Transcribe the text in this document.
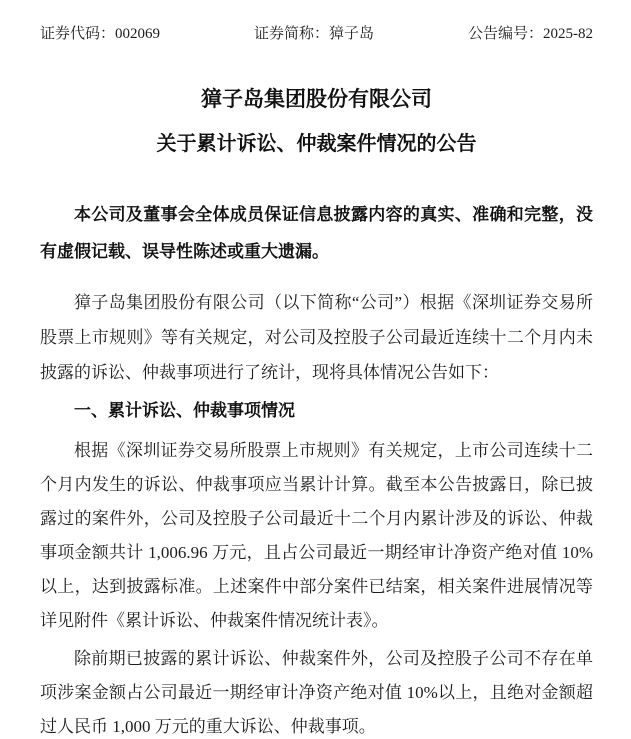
证券代码：002069	证券简称：獐子岛	公告编号：2025-82
獐子岛集团股份有限公司
关于累计诉讼、仲裁案件情况的公告

本公司及董事会全体成员保证信息披露内容的真实、准确和完整，没有虚假记载、误导性陈述或重大遗漏。

獐子岛集团股份有限公司（以下简称“公司”）根据《深圳证券交易所股票上市规则》等有关规定，对公司及控股子公司最近连续十二个月内未披露的诉讼、仲裁事项进行了统计，现将具体情况公告如下：

一、累计诉讼、仲裁事项情况

根据《深圳证券交易所股票上市规则》有关规定，上市公司连续十二个月内发生的诉讼、仲裁事项应当累计计算。截至本公告披露日，除已披露过的案件外，公司及控股子公司最近十二个月内累计涉及的诉讼、仲裁事项金额共计 1,006.96 万元，且占公司最近一期经审计净资产绝对值 10%以上，达到披露标准。上述案件中部分案件已结案，相关案件进展情况等详见附件《累计诉讼、仲裁案件情况统计表》。

除前期已披露的累计诉讼、仲裁案件外，公司及控股子公司不存在单项涉案金额占公司最近一期经审计净资产绝对值 10%以上，且绝对金额超过人民币 1,000 万元的重大诉讼、仲裁事项。
